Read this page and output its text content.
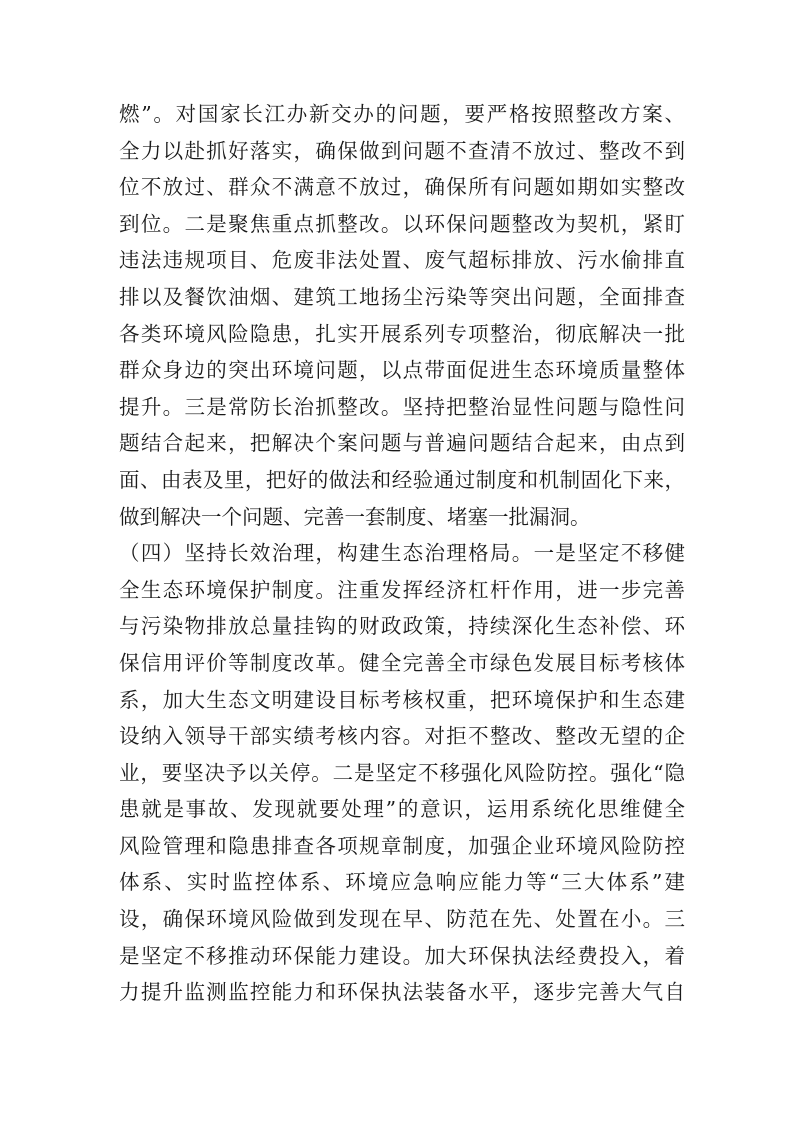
燃”。对国家长江办新交办的问题，要严格按照整改方案、
全力以赴抓好落实，确保做到问题不查清不放过、整改不到
位不放过、群众不满意不放过，确保所有问题如期如实整改
到位。二是聚焦重点抓整改。以环保问题整改为契机，紧盯
违法违规项目、危废非法处置、废气超标排放、污水偷排直
排以及餐饮油烟、建筑工地扬尘污染等突出问题，全面排查
各类环境风险隐患，扎实开展系列专项整治，彻底解决一批
群众身边的突出环境问题，以点带面促进生态环境质量整体
提升。三是常防长治抓整改。坚持把整治显性问题与隐性问
题结合起来，把解决个案问题与普遍问题结合起来，由点到
面、由表及里，把好的做法和经验通过制度和机制固化下来，
做到解决一个问题、完善一套制度、堵塞一批漏洞。
（四）坚持长效治理，构建生态治理格局。一是坚定不移健
全生态环境保护制度。注重发挥经济杠杆作用，进一步完善
与污染物排放总量挂钩的财政政策，持续深化生态补偿、环
保信用评价等制度改革。健全完善全市绿色发展目标考核体
系，加大生态文明建设目标考核权重，把环境保护和生态建
设纳入领导干部实绩考核内容。对拒不整改、整改无望的企
业，要坚决予以关停。二是坚定不移强化风险防控。强化“隐
患就是事故、发现就要处理”的意识，运用系统化思维健全
风险管理和隐患排查各项规章制度，加强企业环境风险防控
体系、实时监控体系、环境应急响应能力等“三大体系”建
设，确保环境风险做到发现在早、防范在先、处置在小。三
是坚定不移推动环保能力建设。加大环保执法经费投入，着
力提升监测监控能力和环保执法装备水平，逐步完善大气自
